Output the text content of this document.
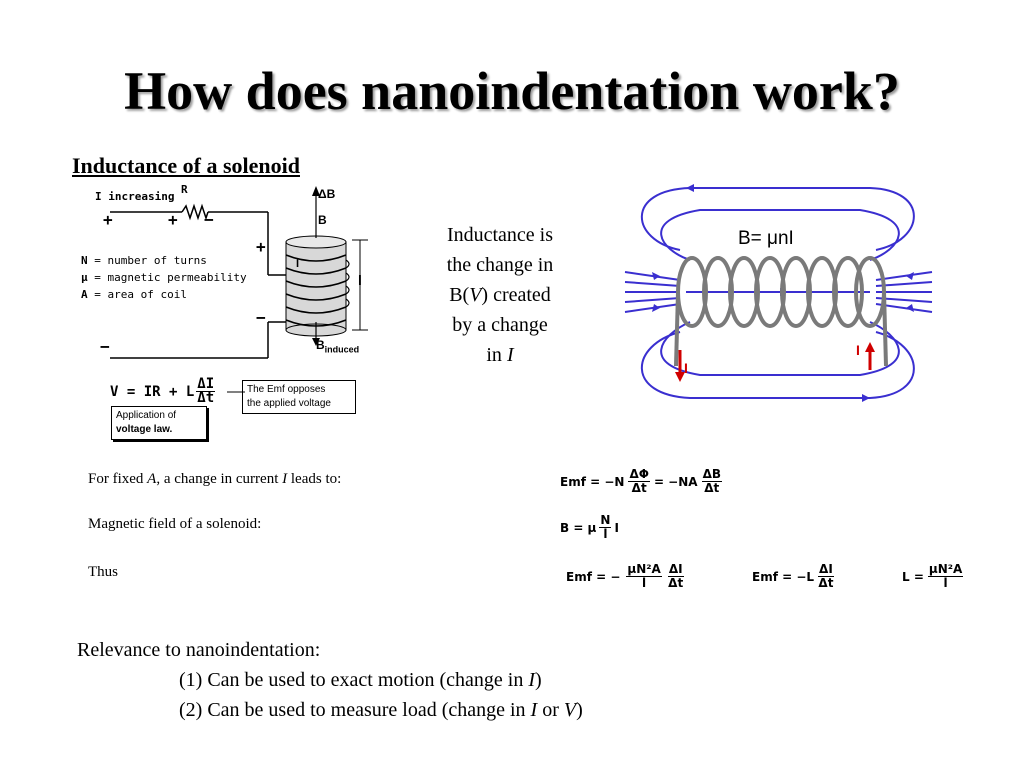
How does nanoindentation work?
Inductance of a solenoid
I increasing
R
+	+ −
+
−
−
ΔB
B
I
l
$B_{induced}$
N = number of turns
μ = magnetic permeability
A = area of coil
V = IR + L $\frac{\Delta I}{\Delta t}$	The Emf opposes
the applied voltage
Application of
voltage law.
Inductance is
the change in
B(V) created
by a change
in I
B= μnI
I
I
For fixed A, a change in current I leads to:
Magnetic field of a solenoid:
Thus
Emf = $-N \frac{\Delta\Phi}{\Delta t} = -NA \frac{\Delta B}{\Delta t}$
B = μ $\frac{N}{l}$ I
Emf = − $\frac{\text{μN²A}}{l} \frac{\Delta I}{\Delta t}$	Emf = $-L \frac{\Delta I}{\Delta t}$	$L = \frac{\text{μN²A}}{l}$
Relevance to nanoindentation:
(1) Can be used to exact motion (change in I)
(2) Can be used to measure load (change in I or V)
